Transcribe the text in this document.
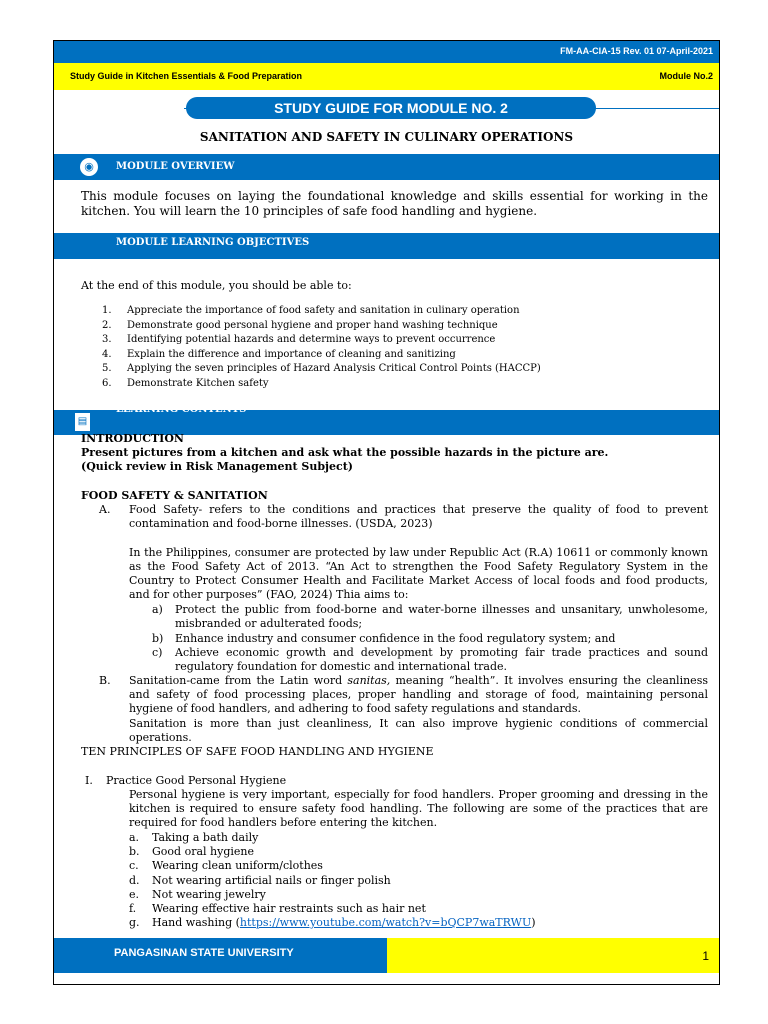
FM-AA-CIA-15 Rev. 01 07-April-2021
Study Guide in Kitchen Essentials & Food Preparation	Module No.2
STUDY GUIDE FOR MODULE NO. 2
SANITATION AND SAFETY IN CULINARY OPERATIONS
◉	MODULE OVERVIEW
This module focuses on laying the foundational knowledge and skills essential for working in the kitchen. You will learn the 10 principles of safe food handling and hygiene.
MODULE LEARNING OBJECTIVES
At the end of this module, you should be able to:
1. Appreciate the importance of food safety and sanitation in culinary operation
2. Demonstrate good personal hygiene and proper hand washing technique
3. Identifying potential hazards and determine ways to prevent occurrence
4. Explain the difference and importance of cleaning and sanitizing
5. Applying the seven principles of Hazard Analysis Critical Control Points (HACCP)
6. Demonstrate Kitchen safety
▤
LEARNING CONTENTS
INTRODUCTION
Present pictures from a kitchen and ask what the possible hazards in the picture are.
(Quick review in Risk Management Subject)
FOOD SAFETY & SANITATION
A.	Food Safety- refers to the conditions and practices that preserve the quality of food to prevent contamination and food-borne illnesses. (USDA, 2023)
In the Philippines, consumer are protected by law under Republic Act (R.A) 10611 or commonly known as the Food Safety Act of 2013. “An Act to strengthen the Food Safety Regulatory System in the Country to Protect Consumer Health and Facilitate Market Access of local foods and food products, and for other purposes” (FAO, 2024) Thia aims to:
a)	Protect the public from food-borne and water-borne illnesses and unsanitary, unwholesome, misbranded or adulterated foods;
b)	Enhance industry and consumer confidence in the food regulatory system; and
c)	Achieve economic growth and development by promoting fair trade practices and sound regulatory foundation for domestic and international trade.
B.	Sanitation-came from the Latin word sanitas, meaning “health”. It involves ensuring the cleanliness and safety of food processing places, proper handling and storage of food, maintaining personal hygiene of food handlers, and adhering to food safety regulations and standards.
Sanitation is more than just cleanliness, It can also improve hygienic conditions of commercial operations.
TEN PRINCIPLES OF SAFE FOOD HANDLING AND HYGIENE
I.	Practice Good Personal Hygiene
Personal hygiene is very important, especially for food handlers. Proper grooming and dressing in the kitchen is required to ensure safety food handling. The following are some of the practices that are required for food handlers before entering the kitchen.
a.	Taking a bath daily
b.	Good oral hygiene
c.	Wearing clean uniform/clothes
d.	Not wearing artificial nails or finger polish
e.	Not wearing jewelry
f.	Wearing effective hair restraints such as hair net
g.	Hand washing (https://www.youtube.com/watch?v=bQCP7waTRWU)
PANGASINAN STATE UNIVERSITY	1
